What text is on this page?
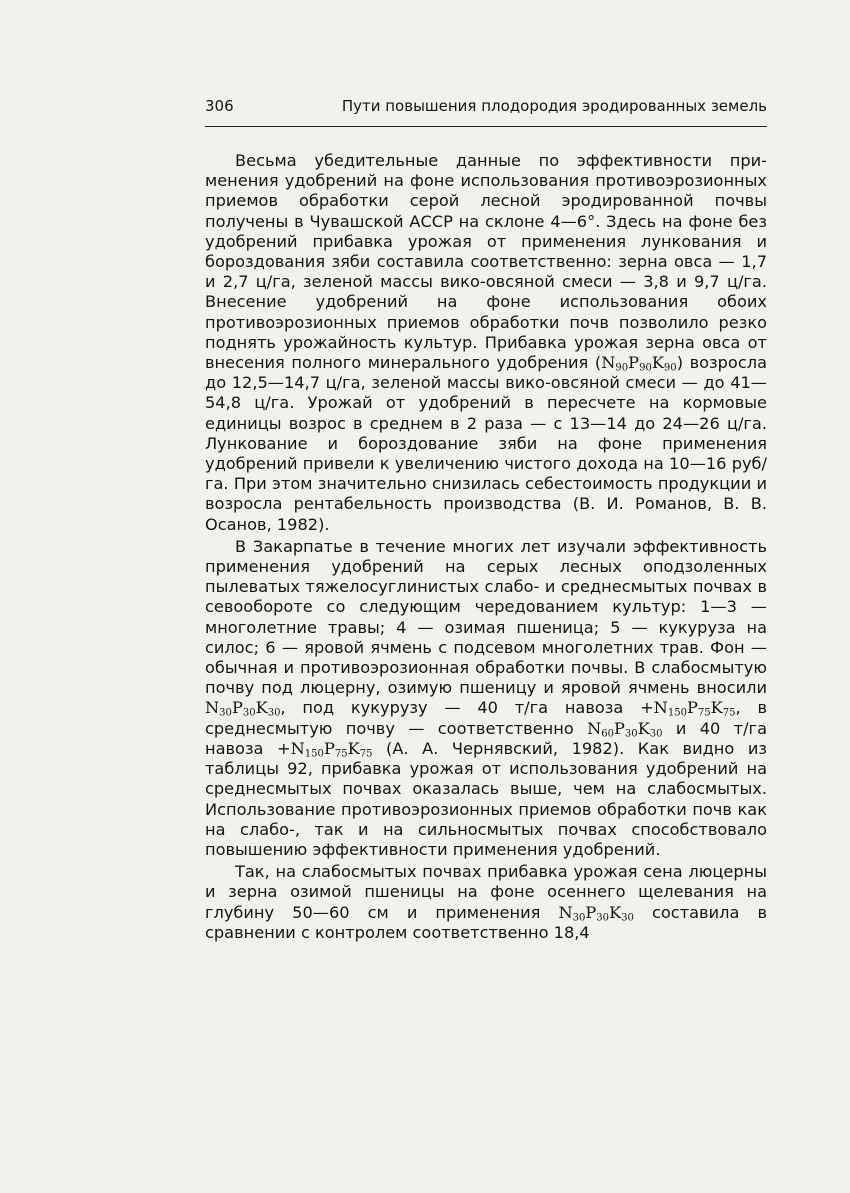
306	Пути повышения плодородия эродированных земель

Весьма убедительные данные по эффективности применения удобрений на фоне использования противоэрозионных приемов обработки серой лесной эродированной почвы получены в Чувашской АССР на склоне 4—6°. Здесь на фоне без удобрений прибавка урожая от применения лункования и бороздования зяби составила соответственно: зерна овса — 1,7 и 2,7 ц/га, зеленой массы вико-овсяной смеси — 3,8 и 9,7 ц/га. Внесение удобрений на фоне использования обоих противоэрозионных приемов обработки почв позволило резко поднять урожайность культур. Прибавка урожая зерна овса от внесения полного минерального удобрения $(N_{90}P_{90}K_{90})$ возросла до 12,5—14,7 ц/га, зеленой массы вико-овсяной смеси — до 41—54,8 ц/га. Урожай от удобрений в пересчете на кормовые единицы возрос в среднем в 2 раза — с 13—14 до 24—26 ц/га. Лункование и бороздование зяби на фоне применения удобрений привели к увеличению чистого дохода на 10—16 руб/га. При этом значительно снизилась себестоимость продукции и возросла рентабельность производства (В. И. Романов, В. В. Осанов, 1982).

В Закарпатье в течение многих лет изучали эффективность применения удобрений на серых лесных оподзоленных пылеватых тяжелосуглинистых слабо- и среднесмытых почвах в севообороте со следующим чередованием культур: 1—3 — многолетние травы; 4 — озимая пшеница; 5 — кукуруза на силос; 6 — яровой ячмень с подсевом многолетних трав. Фон — обычная и противоэрозионная обработки почвы. В слабосмытую почву под люцерну, озимую пшеницу и яровой ячмень вносили $N_{30}P_{30}K_{30}$, под кукурузу — 40 т/га навоза $+N_{150}P_{75}K_{75}$, в среднесмытую почву — соответственно $N_{60}P_{30}K_{30}$ и 40 т/га навоза $+N_{150}P_{75}K_{75}$ (А. А. Чернявский, 1982). Как видно из таблицы 92, прибавка урожая от использования удобрений на среднесмытых почвах оказалась выше, чем на слабосмытых. Использование противоэрозионных приемов обработки почв как на слабо-, так и на сильносмытых почвах способствовало повышению эффективности применения удобрений.

Так, на слабосмытых почвах прибавка урожая сена люцерны и зерна озимой пшеницы на фоне осеннего щелевания на глубину 50—60 см и применения $N_{30}P_{30}K_{30}$ составила в сравнении с контролем соответственно 18,4
